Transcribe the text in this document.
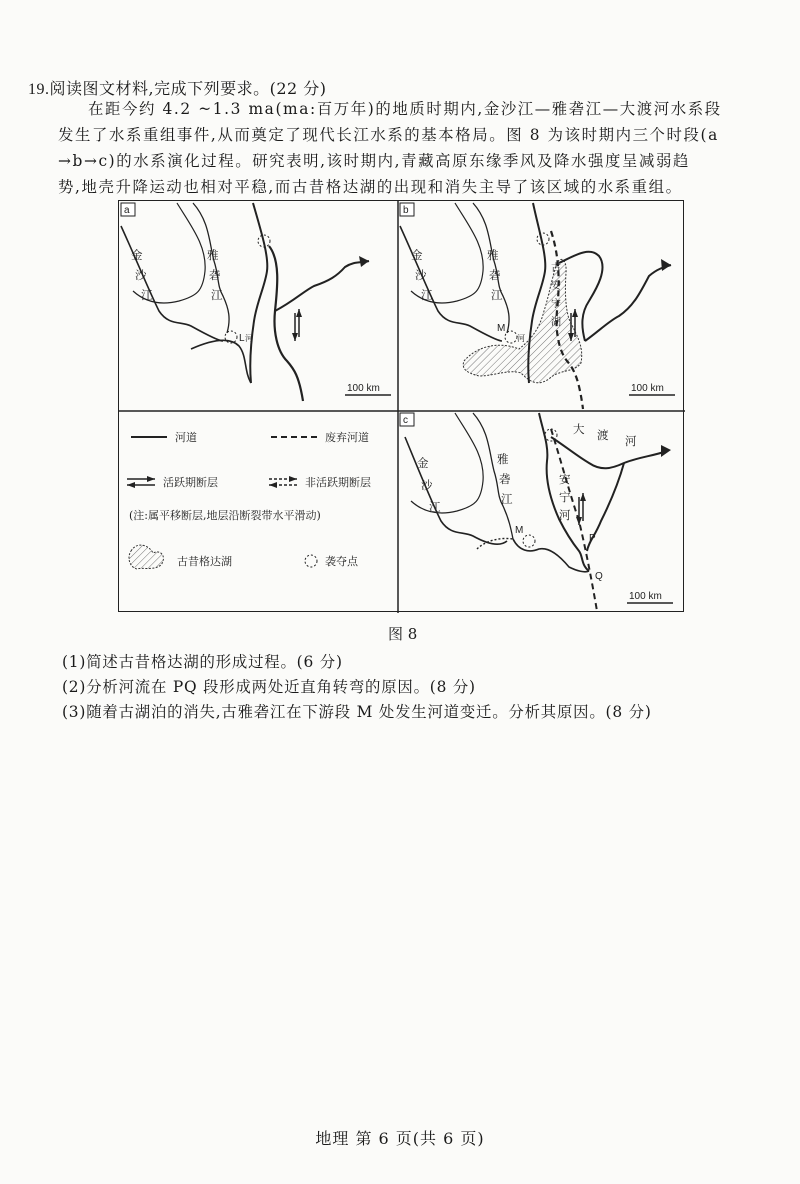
19.阅读图文材料,完成下列要求。(22 分)
在距今约 4.2 ~1.3 ma(ma:百万年)的地质时期内,金沙江—雅砻江—大渡河水系段
发生了水系重组事件,从而奠定了现代长江水系的基本格局。图 8 为该时期内三个时段(a
→b→c)的水系演化过程。研究表明,该时期内,青藏高原东缘季风及降水强度呈减弱趋
势,地壳升降运动也相对平稳,而古昔格达湖的出现和消失主导了该区域的水系重组。
a
L 河
金
沙
江
雅
砻
江
100 km
b
M
河
金
沙
江
雅
砻
江
古
安
宁
湖
100 km
河道	废弃河道
活跃期断层	非活跃期断层
(注:属平移断层,地层沿断裂带水平滑动)
古昔格达湖	袭夺点
c
M
P
Q
金
沙
江
雅
砻
江
安
宁
河
大 渡 河
100 km
图 8
(1)简述古昔格达湖的形成过程。(6 分)
(2)分析河流在 PQ 段形成两处近直角转弯的原因。(8 分)
(3)随着古湖泊的消失,古雅砻江在下游段 M 处发生河道变迁。分析其原因。(8 分)
地理 第 6 页(共 6 页)
